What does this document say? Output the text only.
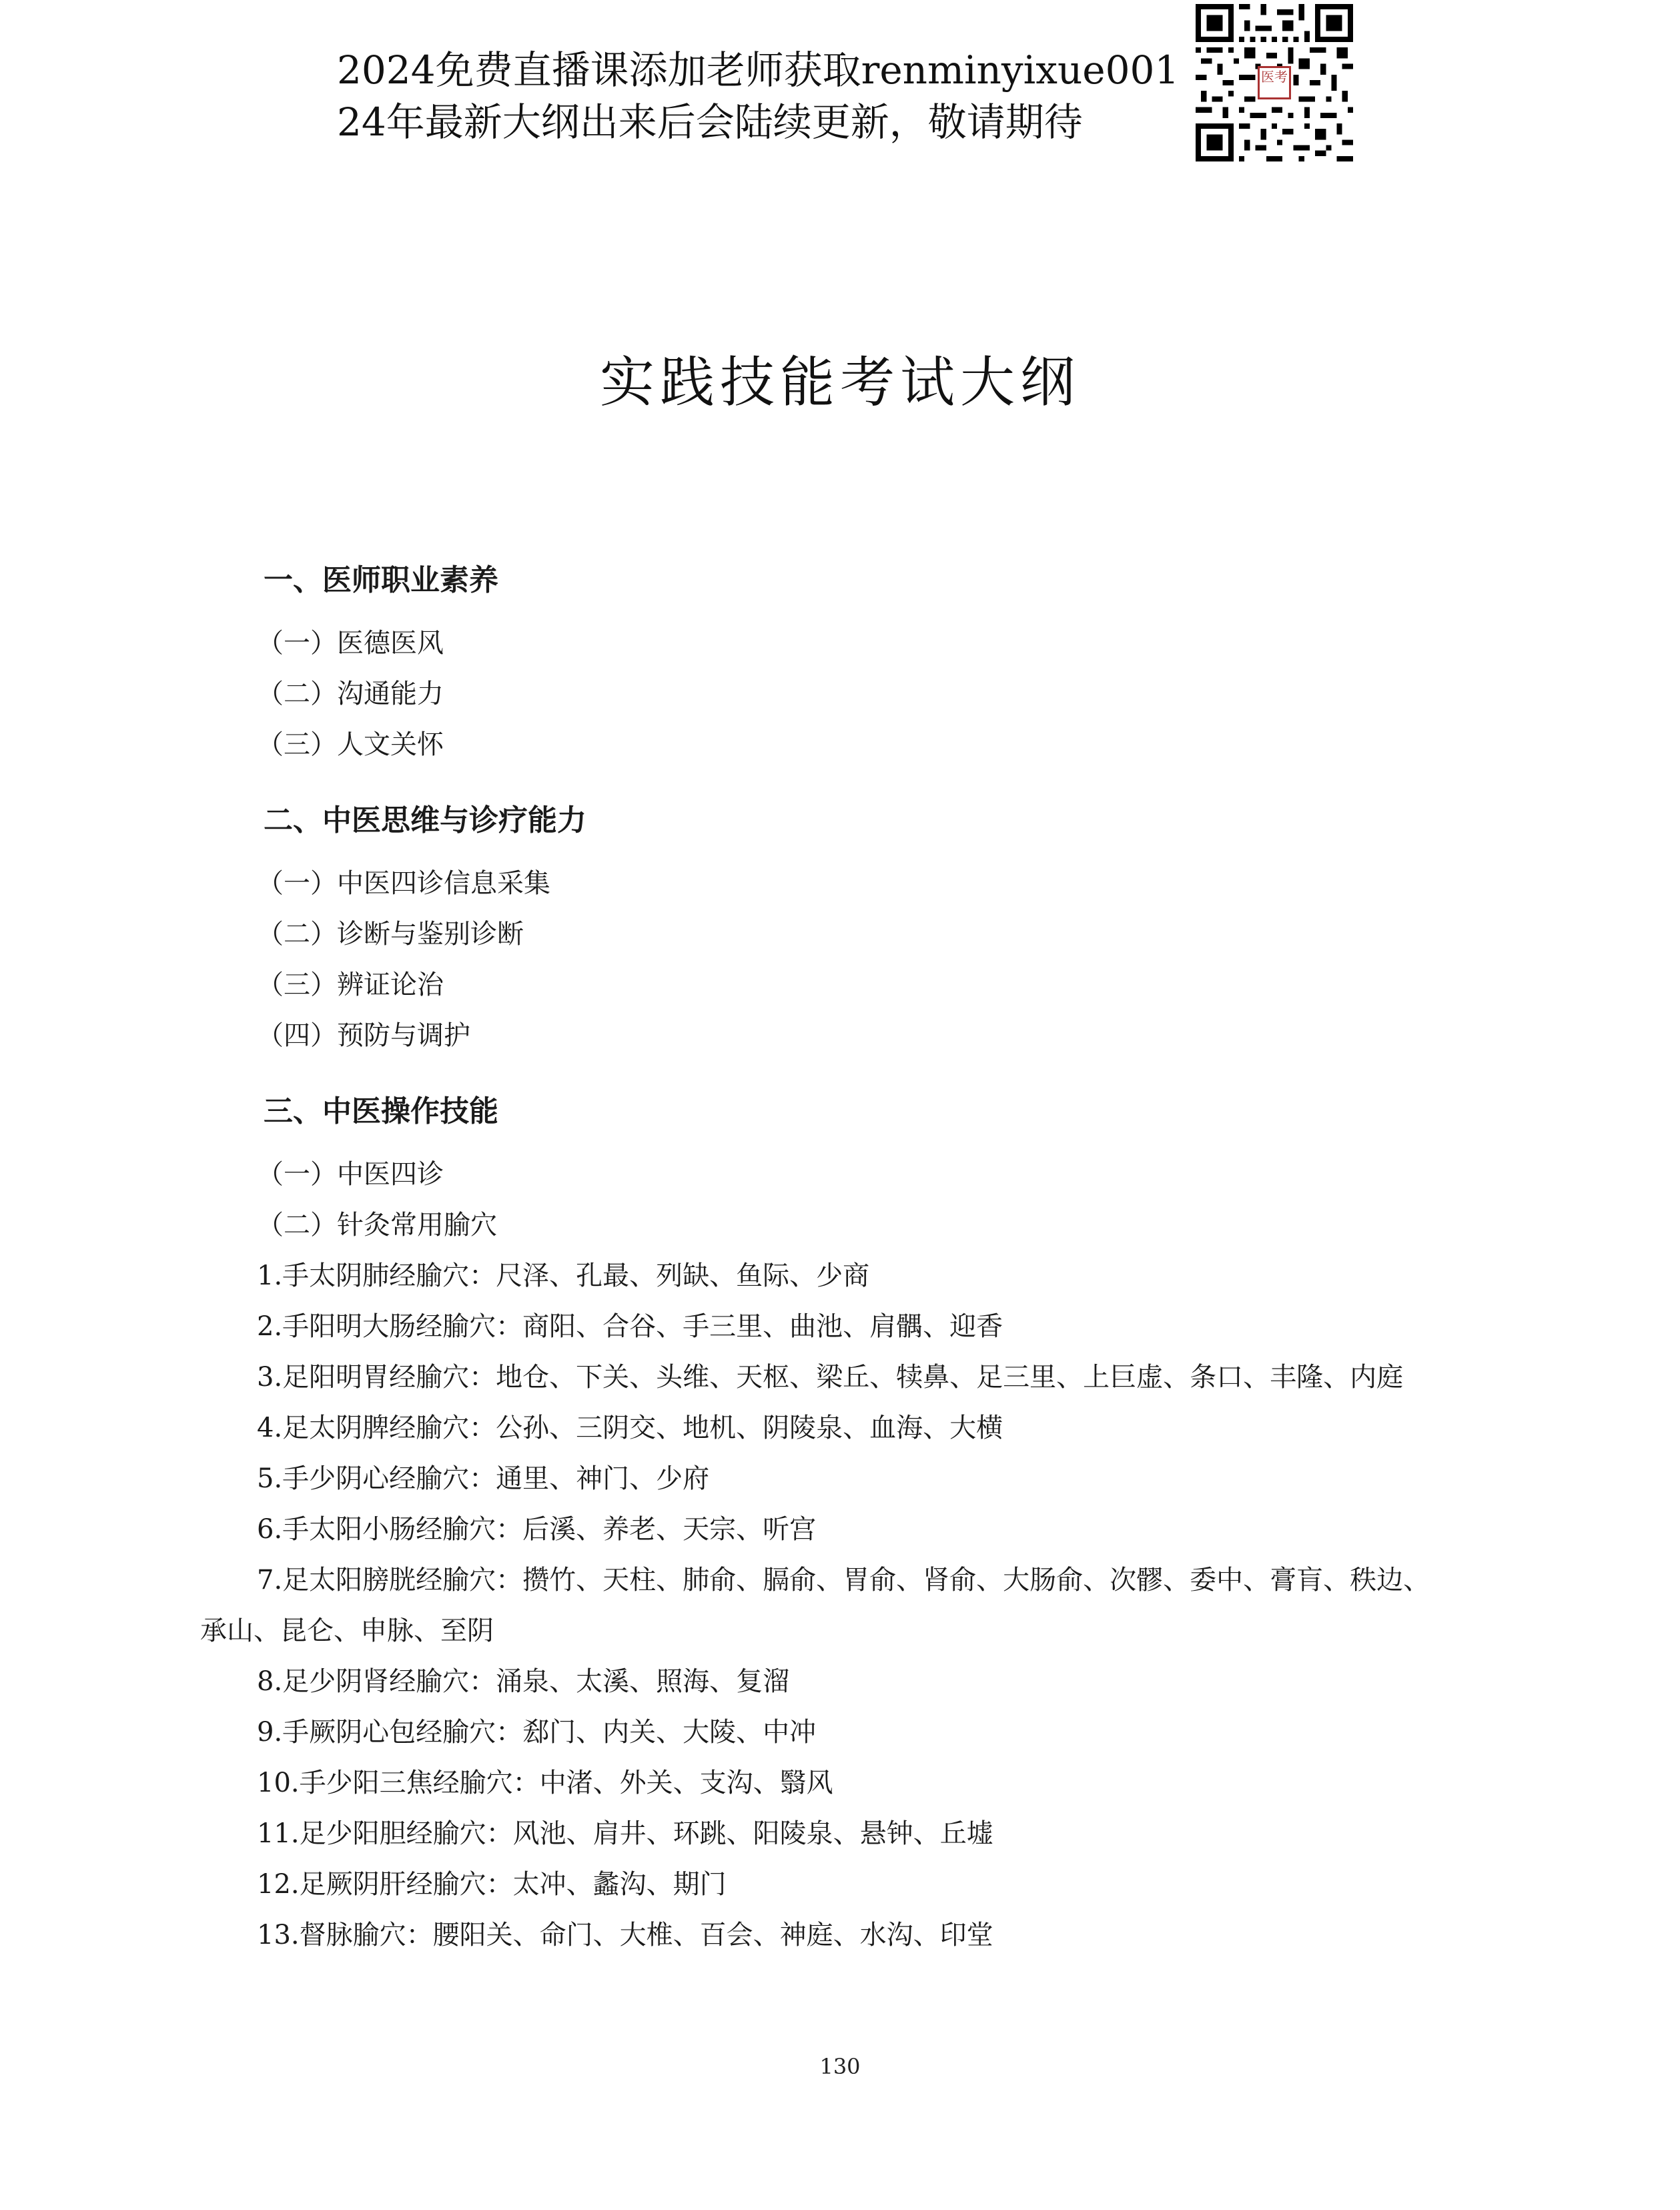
2024免费直播课添加老师获取renminyixue001
24年最新大纲出来后会陆续更新，敬请期待
医考
实践技能考试大纲
一、医师职业素养
（一）医德医风
（二）沟通能力
（三）人文关怀
二、中医思维与诊疗能力
（一）中医四诊信息采集
（二）诊断与鉴别诊断
（三）辨证论治
（四）预防与调护
三、中医操作技能
（一）中医四诊
（二）针灸常用腧穴
1.手太阴肺经腧穴：尺泽、孔最、列缺、鱼际、少商
2.手阳明大肠经腧穴：商阳、合谷、手三里、曲池、肩髃、迎香
3.足阳明胃经腧穴：地仓、下关、头维、天枢、梁丘、犊鼻、足三里、上巨虚、条口、丰隆、内庭
4.足太阴脾经腧穴：公孙、三阴交、地机、阴陵泉、血海、大横
5.手少阴心经腧穴：通里、神门、少府
6.手太阳小肠经腧穴：后溪、养老、天宗、听宫
7.足太阳膀胱经腧穴：攒竹、天柱、肺俞、膈俞、胃俞、肾俞、大肠俞、次髎、委中、膏肓、秩边、
承山、昆仑、申脉、至阴
8.足少阴肾经腧穴：涌泉、太溪、照海、复溜
9.手厥阴心包经腧穴：郄门、内关、大陵、中冲
10.手少阳三焦经腧穴：中渚、外关、支沟、翳风
11.足少阳胆经腧穴：风池、肩井、环跳、阳陵泉、悬钟、丘墟
12.足厥阴肝经腧穴：太冲、蠡沟、期门
13.督脉腧穴：腰阳关、命门、大椎、百会、神庭、水沟、印堂
130
